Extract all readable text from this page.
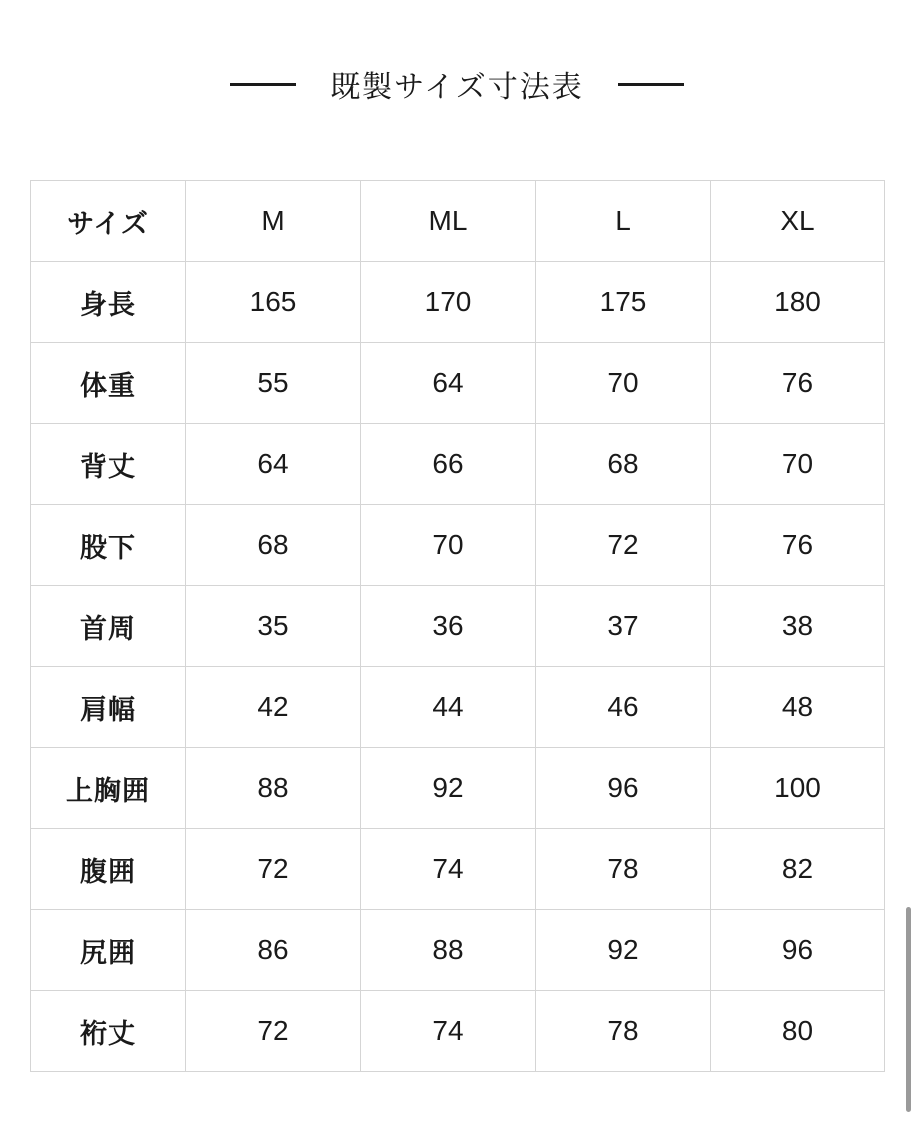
既製サイズ寸法表
サイズ	M	ML	L	XL
身長	165	170	175	180
体重	55	64	70	76
背丈	64	66	68	70
股下	68	70	72	76
首周	35	36	37	38
肩幅	42	44	46	48
上胸囲	88	92	96	100
腹囲	72	74	78	82
尻囲	86	88	92	96
裄丈	72	74	78	80
